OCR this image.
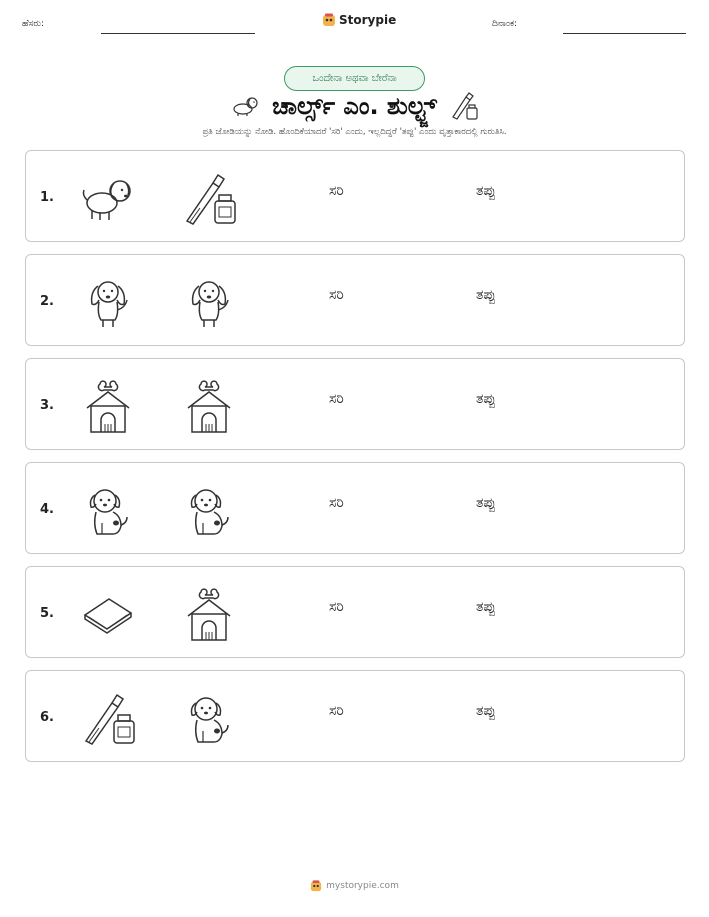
ಹೆಸರು:	Storypie	ದಿನಾಂಕ:
ಒಂದೇನಾ ಅಥವಾ ಬೇರೆನಾ
ಚಾರ್ಲ್ಸ್ ಎಂ. ಶುಲ್ಟ್ಜ್
ಪ್ರತಿ ಜೋಡಿಯನ್ನು ನೋಡಿ. ಹೊಂದಿಕೆಯಾದರೆ 'ಸರಿ' ಎಂದು, ಇಲ್ಲದಿದ್ದರೆ 'ತಪ್ಪು' ಎಂದು ವೃತ್ತಾಕಾರದಲ್ಲಿ ಗುರುತಿಸಿ.
1.	ಸರಿ	ತಪ್ಪು
2.	ಸರಿ	ತಪ್ಪು
3.	ಸರಿ	ತಪ್ಪು
4.	ಸರಿ	ತಪ್ಪು
5.	ಸರಿ	ತಪ್ಪು
6.	ಸರಿ	ತಪ್ಪು
mystorypie.com
